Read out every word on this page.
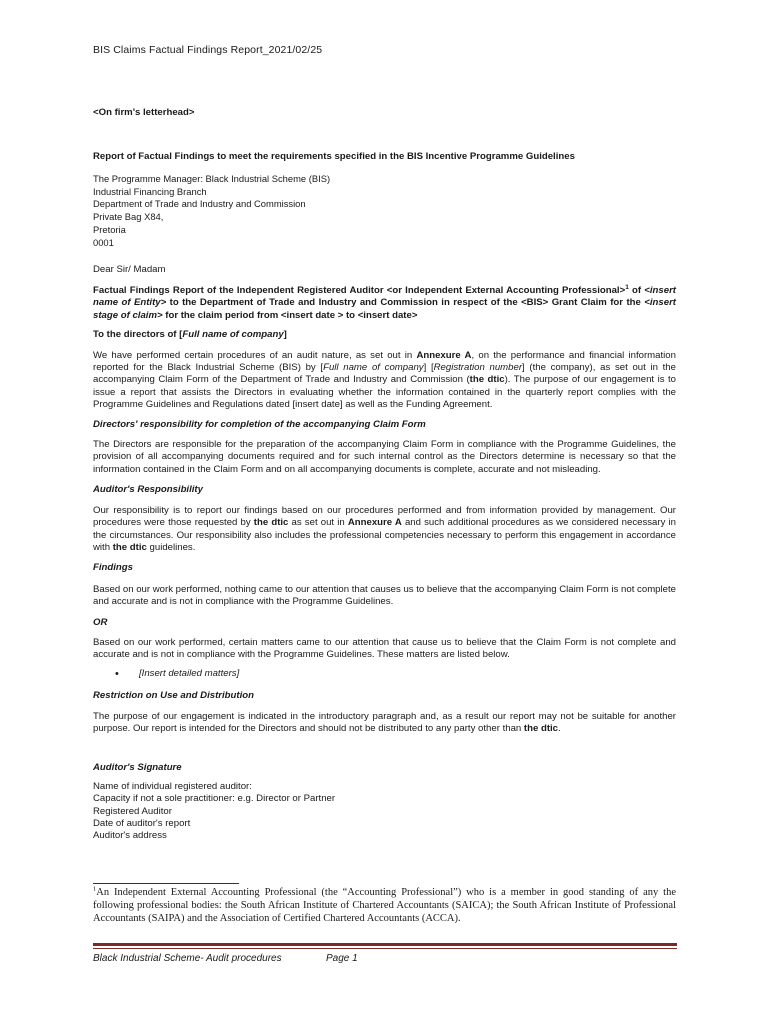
BIS Claims Factual Findings Report_2021/02/25

<On firm's letterhead>

Report of Factual Findings to meet the requirements specified in the BIS Incentive Programme Guidelines

The Programme Manager: Black Industrial Scheme (BIS)
Industrial Financing Branch
Department of Trade and Industry and Commission
Private Bag X84,
Pretoria
0001

Dear Sir/ Madam

Factual Findings Report of the Independent Registered Auditor <or Independent External Accounting Professional>$^1$ of <insert name of Entity> to the Department of Trade and Industry and Commission in respect of the <BIS> Grant Claim for the <insert stage of claim> for the claim period from <insert date > to <insert date>

To the directors of [Full name of company]

We have performed certain procedures of an audit nature, as set out in Annexure A, on the performance and financial information reported for the Black Industrial Scheme (BIS) by [Full name of company] [Registration number] (the company), as set out in the accompanying Claim Form of the Department of Trade and Industry and Commission (the dtic). The purpose of our engagement is to issue a report that assists the Directors in evaluating whether the information contained in the quarterly report complies with the Programme Guidelines and Regulations dated [insert date] as well as the Funding Agreement.

Directors' responsibility for completion of the accompanying Claim Form

The Directors are responsible for the preparation of the accompanying Claim Form in compliance with the Programme Guidelines, the provision of all accompanying documents required and for such internal control as the Directors determine is necessary so that the information contained in the Claim Form and on all accompanying documents is complete, accurate and not misleading.

Auditor's Responsibility

Our responsibility is to report our findings based on our procedures performed and from information provided by management. Our procedures were those requested by the dtic as set out in Annexure A and such additional procedures as we considered necessary in the circumstances. Our responsibility also includes the professional competencies necessary to perform this engagement in accordance with the dtic guidelines.

Findings

Based on our work performed, nothing came to our attention that causes us to believe that the accompanying Claim Form is not complete and accurate and is not in compliance with the Programme Guidelines.

OR

Based on our work performed, certain matters came to our attention that cause us to believe that the Claim Form is not complete and accurate and is not in compliance with the Programme Guidelines. These matters are listed below.

•	[Insert detailed matters]

Restriction on Use and Distribution

The purpose of our engagement is indicated in the introductory paragraph and, as a result our report may not be suitable for another purpose. Our report is intended for the Directors and should not be distributed to any party other than the dtic.

Auditor's Signature

Name of individual registered auditor:

Capacity if not a sole practitioner: e.g. Director or Partner

Registered Auditor

Date of auditor's report

Auditor's address

$^1$An Independent External Accounting Professional (the “Accounting Professional”) who is a member in good standing of any the following professional bodies: the South African Institute of Chartered Accountants (SAICA); the South African Institute of Professional Accountants (SAIPA) and the Association of Certified Chartered Accountants (ACCA).
Black Industrial Scheme- Audit procedures	Page 1
